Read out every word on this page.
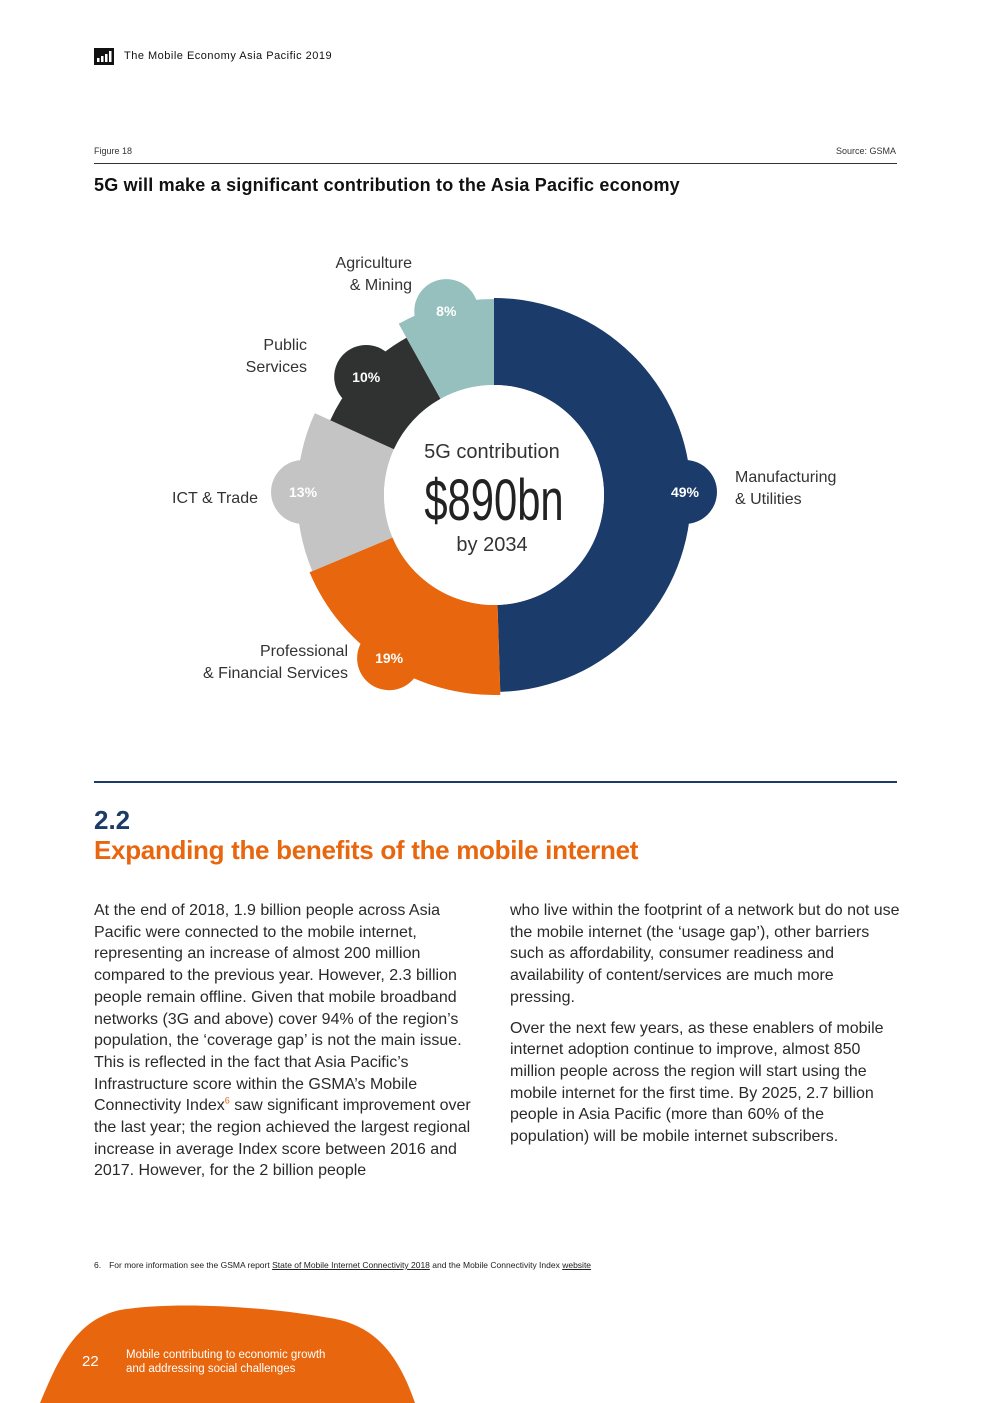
The Mobile Economy Asia Pacific 2019
Figure 18	Source: GSMA
5G will make a significant contribution to the Asia Pacific economy
49%
19%
13%
10%
8%
5G contribution
$890bn
by 2034
Manufacturing
& Utilities
Professional
& Financial Services
ICT & Trade
Public
Services
Agriculture
& Mining
2.2
Expanding the benefits of the mobile internet

At the end of 2018, 1.9 billion people across Asia Pacific were connected to the mobile internet, representing an increase of almost 200 million compared to the previous year. However, 2.3 billion people remain offline. Given that mobile broadband networks (3G and above) cover 94% of the region’s population, the ‘coverage gap’ is not the main issue. This is reflected in the fact that Asia Pacific’s Infrastructure score within the GSMA’s Mobile Connectivity Index$^6$ saw significant improvement over the last year; the region achieved the largest regional increase in average Index score between 2016 and 2017. However, for the 2 billion people

who live within the footprint of a network but do not use the mobile internet (the ‘usage gap’), other barriers such as affordability, consumer readiness and availability of content/services are much more pressing.

Over the next few years, as these enablers of mobile internet adoption continue to improve, almost 850 million people across the region will start using the mobile internet for the first time. By 2025, 2.7 billion people in Asia Pacific (more than 60% of the population) will be mobile internet subscribers.

6. For more information see the GSMA report State of Mobile Internet Connectivity 2018 and the Mobile Connectivity Index website
22 Mobile contributing to economic growth
and addressing social challenges
